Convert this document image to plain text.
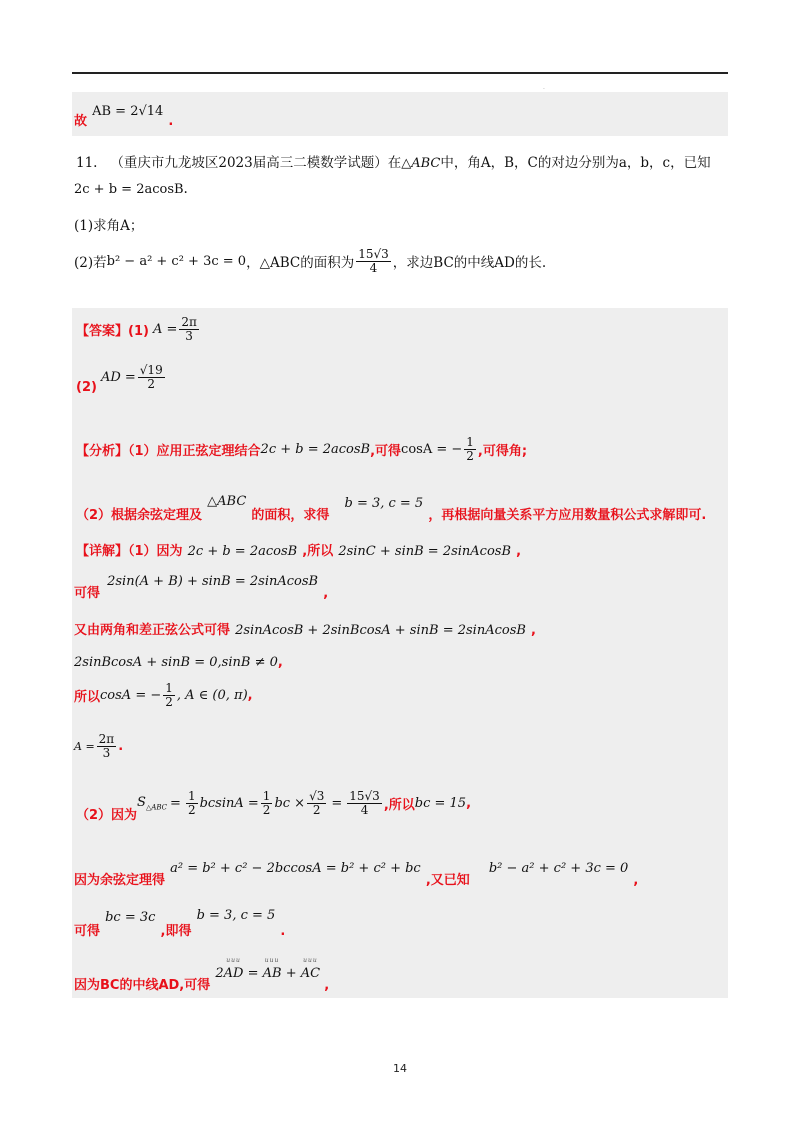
·
$_故$ AB = 2√14 $_.$
11. （重庆市九龙坡区2023届高三二模数学试题）在△ABC中，角A，B，C的对边分别为a，b，c，已知
2c + b = 2acosB.
(1)求角A；
(2)若 b² − a² + c² + 3c = 0 ，△ABC的面积为 $\frac{15√3}{4}$ ，求边BC的中线AD的长.
【答案】(1) $A = \frac{2\pi}{3}$
(2)
AD = $\frac{√19}{2}$
【分析】（1）应用正弦定理结合 2c + b = 2acosB ,可得 cosA = − $\frac{1}{2}$ ,可得角;
$_{(2)根据余弦定理及}$ $^{\triangle ABC}$ $_{的面积,求得}$ $^{b = 3, c = 5}$ $_{,再根据向量关系平方应用数量积公式求解即可.}$
【详解】（1）因为 2c + b = 2acosB ,所以 2sinC + sinB = 2sinAcosB ,
$_{可得}$ 2sin(A + B) + sinB = 2sinAcosB $_,$
又由两角和差正弦公式可得 2sinAcosB + 2sinBcosA + sinB = 2sinAcosB ,
2sinBcosA + sinB = 0,sinB ≠ 0,
所以 cosA = − $\frac{1}{2}$ , A ∈ (0, π) ,
$A = \frac{2\pi}{3}$ .
（2）因为
$S_{\triangle ABC} = \frac{1}{2}$ $bcsinA = \frac{1}{2}$ bc × $\frac{√3}{2} = \frac{15√3}{4}$ ,所以 bc = 15 ,
$_{因为余弦定理得}$ a² = b² + c² − 2bccosA = b² + c² + bc $_{,又已知}$ b² − a² + c² + 3c = 0 $_,$
$_{可得}$ bc = 3c $_{,即得}$ b = 3, c = 5 $_.$
$_{因为BC的中线AD,可得}$ 2
uuu
AD =
uuu
AB +
uuu
AC $_,$
14
